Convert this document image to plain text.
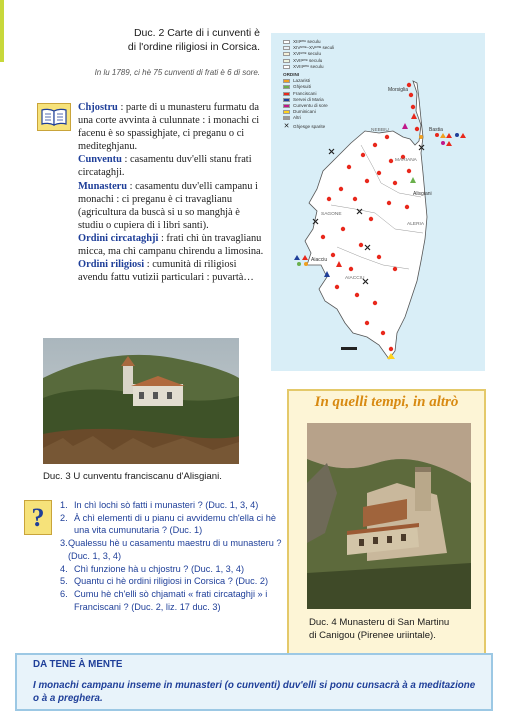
Duc. 2 Carte di i cunventi è
di l'ordine riligiosi in Corsica.
In lu 1789, ci hè 75 cunventi di frati è 6 di sore.
Morsiglia
Bastia
NEBBIU
MARIANA
Alisgiani
ALERIA
SAGONE
Aiacciu
AIACCIU
XIIIᵉᵐᵉ seculu
XIVᵉᵐᵉ–XVᵉᵐᵉ seculi
XVIᵉᵐᵉ seculu
XVIIᵉᵐᵉ seculu
XVIIIᵉᵐᵉ seculu
ORDINI
Lazaristi
Ghjesuiti
Franciscani
Servei di Maria
Cunventu di sore
Duminicani
Altri
✕ Ghjesge sparite

Chjostru : parte di u munasteru furmatu da una corte avvinta à culunnate : i monachi ci facenu è so spassighjate, ci preganu o ci mediteghjanu.

Cunventu : casamentu duv'elli stanu frati circataghji.

Munasteru : casamentu duv'elli campanu i monachi : ci preganu è ci travaglianu (agricultura da buscà si u so manghjà è studiu o cupiera di i libri santi).

Ordini circataghji : frati chì ùn travaglianu micca, ma chì campanu chirendu a limosina.

Ordini riligiosi : cumunità di riligiosi avendu fattu vutizii particulari : puvartà…

Duc. 3 U cunventu franciscanu d'Alisgiani.
In quelli tempi, in altrò
Duc. 4 Munasteru di San Martinu
di Canigou (Pirenee uriintale).
?	1. In chì lochi sò fatti i munasteri ? (Duc. 1, 3, 4)
2. À chì elementi di u pianu ci avvidemu ch'ella ci hè una vita cumunutaria ? (Duc. 1)
3. Qualessu hè u casamentu maestru di u munasteru ? (Duc. 1, 3, 4)
4. Chì funzione hà u chjostru ? (Duc. 1, 3, 4)
5. Quantu ci hè ordini riligiosi in Corsica ? (Duc. 2)
6. Cumu hè ch'elli sò chjamati « frati circataghji » i Franciscani ? (Duc. 2, liz. 17 duc. 3)
DA TENE À MENTE
I monachi campanu inseme in munasteri (o cunventi) duv'elli si ponu cunsacrà à a meditazione o à a preghera.
